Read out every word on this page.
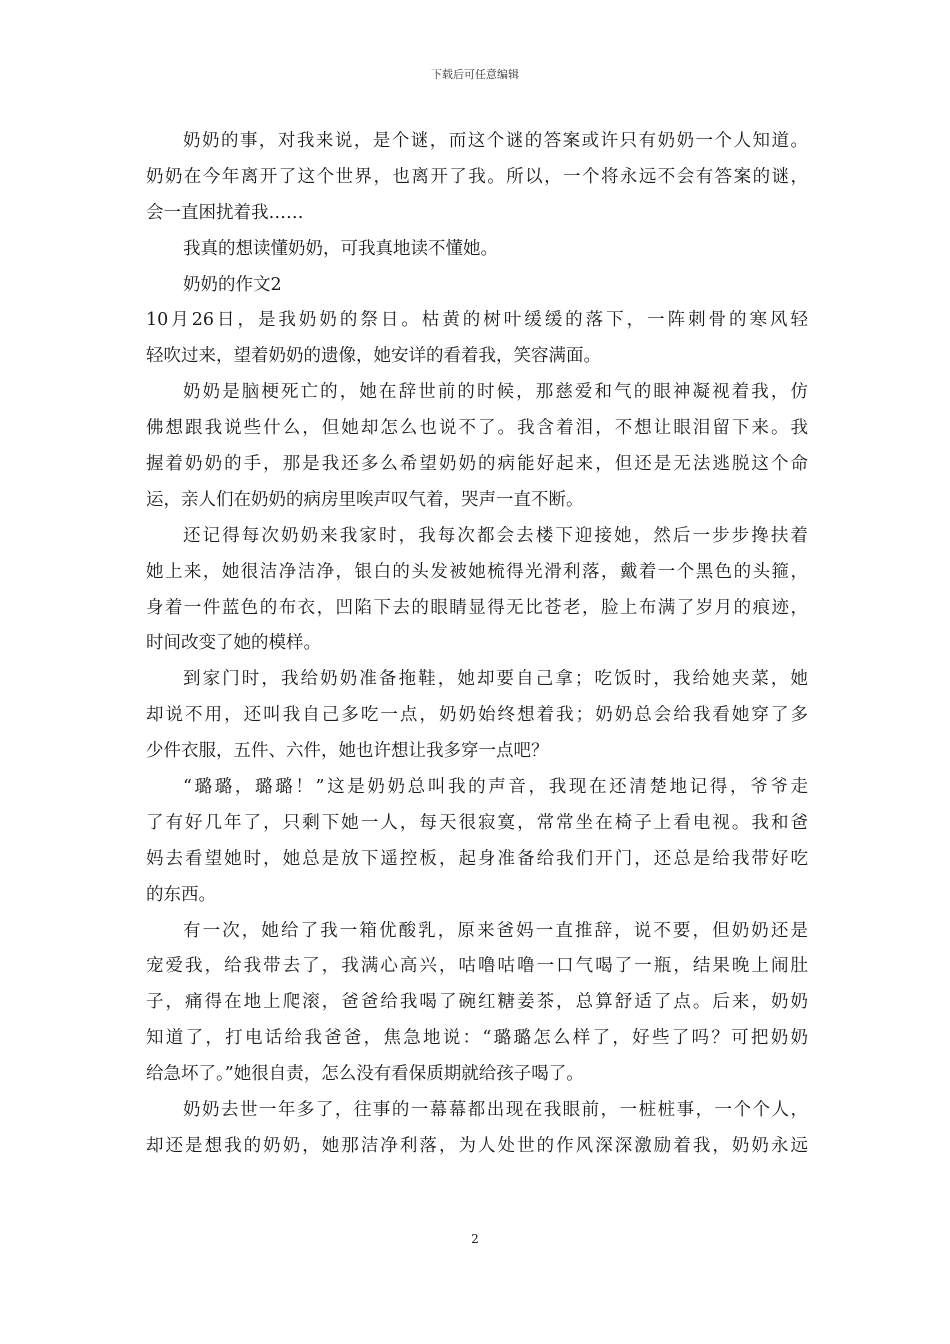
下载后可任意编辑
奶奶的事，对我来说，是个谜，而这个谜的答案或许只有奶奶一个人知道。
奶奶在今年离开了这个世界，也离开了我。所以，一个将永远不会有答案的谜，
会一直困扰着我……
我真的想读懂奶奶，可我真地读不懂她。
奶奶的作文2
10月26日，是我奶奶的祭日。枯黄的树叶缓缓的落下，一阵刺骨的寒风轻
轻吹过来，望着奶奶的遗像，她安详的看着我，笑容满面。
奶奶是脑梗死亡的，她在辞世前的时候，那慈爱和气的眼神凝视着我，仿
佛想跟我说些什么，但她却怎么也说不了。我含着泪，不想让眼泪留下来。我
握着奶奶的手，那是我还多么希望奶奶的病能好起来，但还是无法逃脱这个命
运，亲人们在奶奶的病房里唉声叹气着，哭声一直不断。
还记得每次奶奶来我家时，我每次都会去楼下迎接她，然后一步步搀扶着
她上来，她很洁净洁净，银白的头发被她梳得光滑利落，戴着一个黑色的头箍，
身着一件蓝色的布衣，凹陷下去的眼睛显得无比苍老，脸上布满了岁月的痕迹，
时间改变了她的模样。
到家门时，我给奶奶准备拖鞋，她却要自己拿；吃饭时，我给她夹菜，她
却说不用，还叫我自己多吃一点，奶奶始终想着我；奶奶总会给我看她穿了多
少件衣服，五件、六件，她也许想让我多穿一点吧？
“璐璐，璐璐！”这是奶奶总叫我的声音，我现在还清楚地记得，爷爷走
了有好几年了，只剩下她一人，每天很寂寞，常常坐在椅子上看电视。我和爸
妈去看望她时，她总是放下遥控板，起身准备给我们开门，还总是给我带好吃
的东西。
有一次，她给了我一箱优酸乳，原来爸妈一直推辞，说不要，但奶奶还是
宠爱我，给我带去了，我满心高兴，咕噜咕噜一口气喝了一瓶，结果晚上闹肚
子，痛得在地上爬滚，爸爸给我喝了碗红糖姜茶，总算舒适了点。后来，奶奶
知道了，打电话给我爸爸，焦急地说：“璐璐怎么样了，好些了吗？可把奶奶
给急坏了。”她很自责，怎么没有看保质期就给孩子喝了。
奶奶去世一年多了，往事的一幕幕都出现在我眼前，一桩桩事，一个个人，
却还是想我的奶奶，她那洁净利落，为人处世的作风深深激励着我，奶奶永远
2
